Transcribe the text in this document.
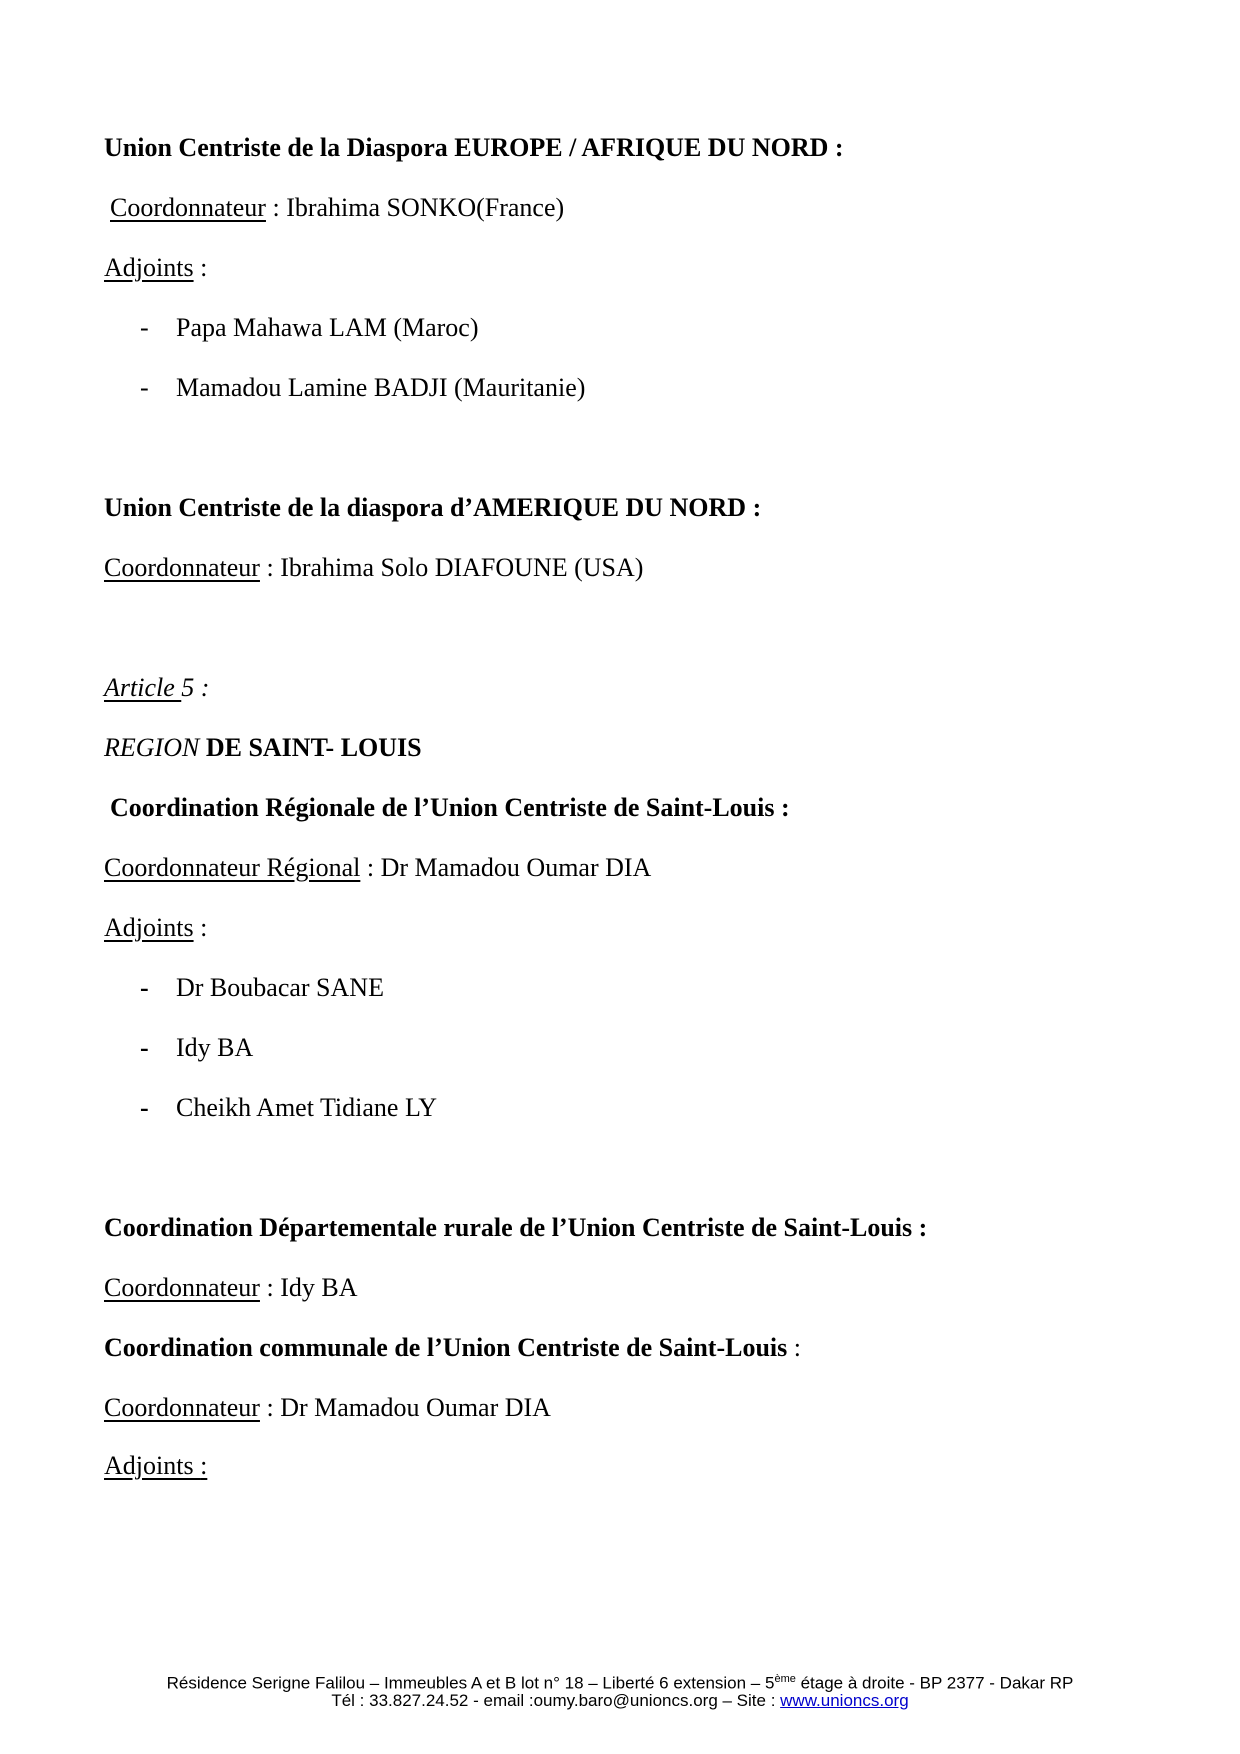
Union Centriste de la Diaspora EUROPE / AFRIQUE DU NORD :
Coordonnateur : Ibrahima SONKO(France)
Adjoints :
- Papa Mahawa LAM (Maroc)
- Mamadou Lamine BADJI (Mauritanie)
Union Centriste de la diaspora d’AMERIQUE DU NORD :
Coordonnateur : Ibrahima Solo DIAFOUNE (USA)
Article 5 :
REGION DE SAINT- LOUIS
Coordination Régionale de l’Union Centriste de Saint-Louis :
Coordonnateur Régional : Dr Mamadou Oumar DIA
Adjoints :
- Dr Boubacar SANE
- Idy BA
- Cheikh Amet Tidiane LY
Coordination Départementale rurale de l’Union Centriste de Saint-Louis :
Coordonnateur : Idy BA
Coordination communale de l’Union Centriste de Saint-Louis :
Coordonnateur : Dr Mamadou Oumar DIA
Adjoints :
Résidence Serigne Falilou – Immeubles A et B lot n° 18 – Liberté 6 extension – 5ème étage à droite - BP 2377 - Dakar RP
Tél : 33.827.24.52 - email :oumy.baro@unioncs.org – Site : www.unioncs.org
